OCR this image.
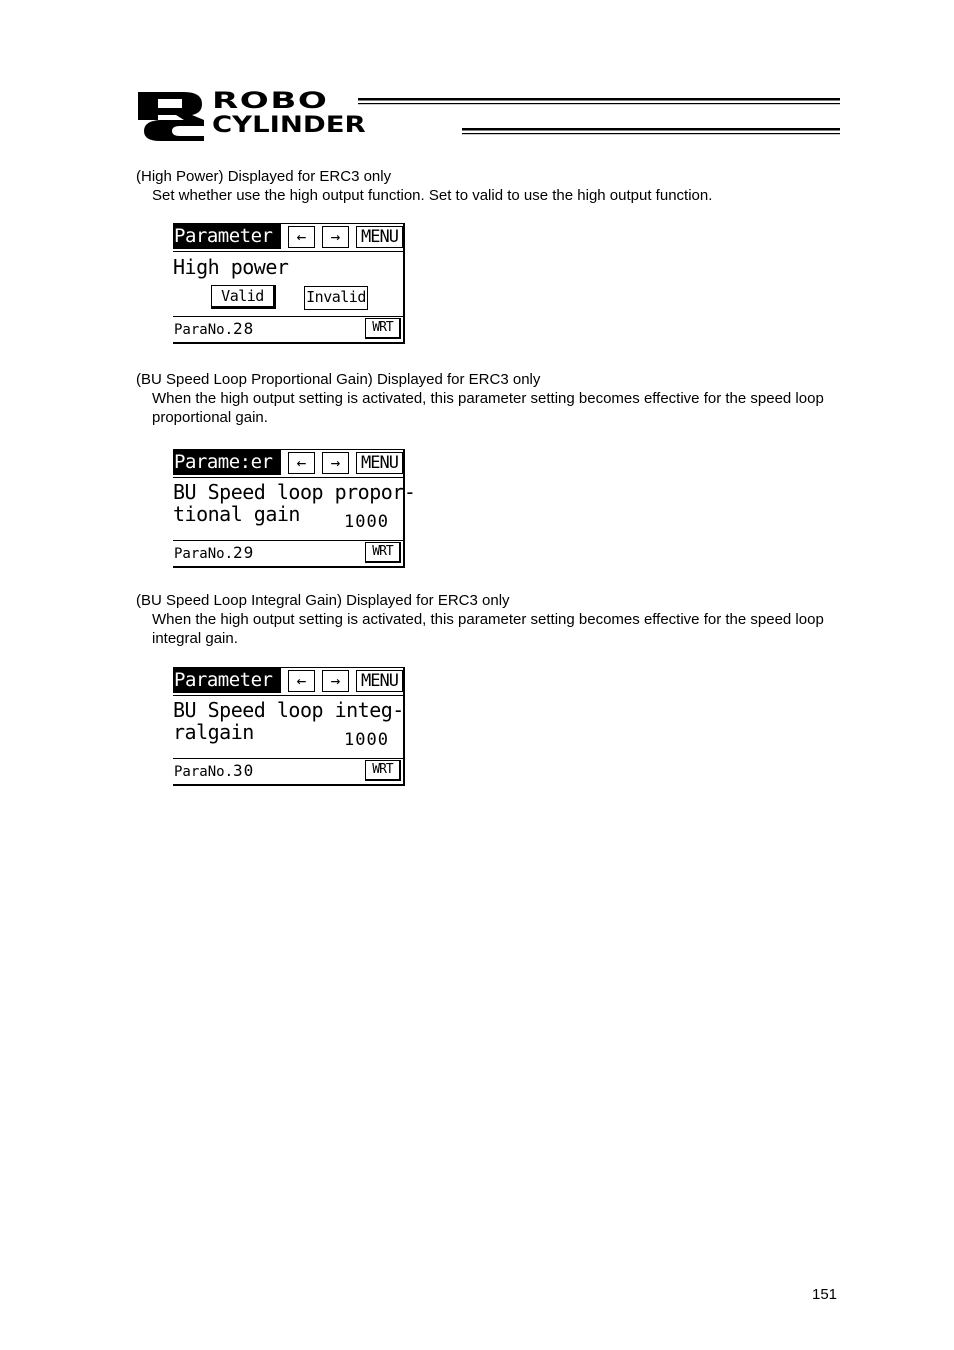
ROBO
CYLINDER
(High Power) Displayed for ERC3 only
Set whether use the high output function. Set to valid to use the high output function.
Parameter	←	→	MENU
High power
Valid	Invalid
ParaNo.28	WRT
(BU Speed Loop Proportional Gain) Displayed for ERC3 only
When the high output setting is activated, this parameter setting becomes effective for the speed loop proportional gain.
Parame:er	←	→	MENU
BU Speed loop propor-
tional gain	1000
ParaNo.29	WRT
(BU Speed Loop Integral Gain) Displayed for ERC3 only
When the high output setting is activated, this parameter setting becomes effective for the speed loop integral gain.
Parameter	←	→	MENU
BU Speed loop integ-
ralgain	1000
ParaNo.30	WRT
151
